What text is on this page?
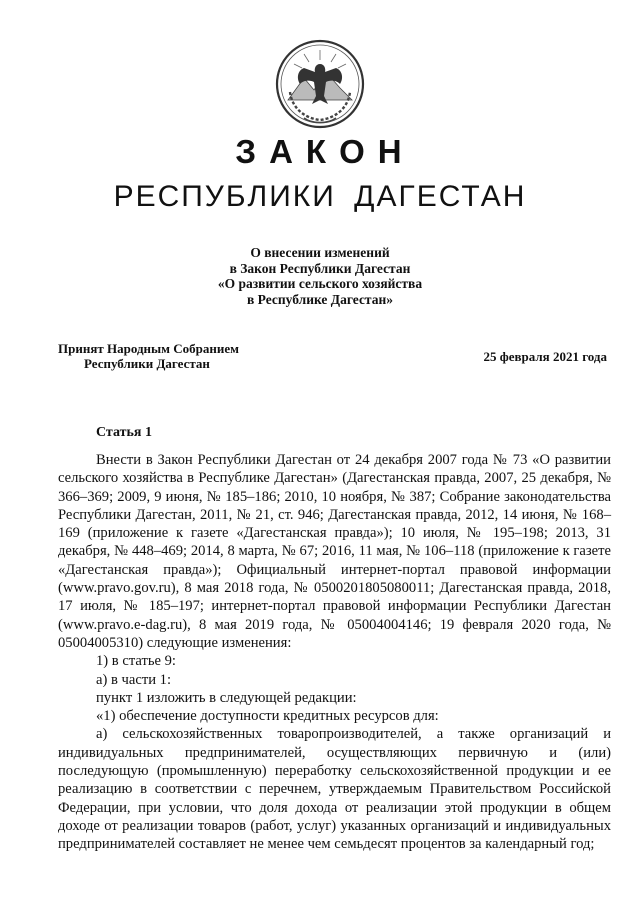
ЗАКОН
РЕСПУБЛИКИ ДАГЕСТАН
О внесении изменений
в Закон Республики Дагестан
«О развитии сельского хозяйства
в Республике Дагестан»
Принят Народным Собранием
Республики Дагестан	25 февраля 2021 года
Статья 1

Внести в Закон Республики Дагестан от 24 декабря 2007 года № 73 «О развитии сельского хозяйства в Республике Дагестан» (Дагестанская правда, 2007, 25 декабря, № 366–369; 2009, 9 июня, № 185–186; 2010, 10 ноября, № 387; Собрание законодательства Республики Дагестан, 2011, № 21, ст. 946; Дагестанская правда, 2012, 14 июня, № 168–169 (приложение к газете «Дагестанская правда»); 10 июля, № 195–198; 2013, 31 декабря, № 448–469; 2014, 8 марта, № 67; 2016, 11 мая, № 106–118 (приложение к газете «Дагестанская правда»); Официальный интернет-портал правовой информации (www.pravo.gov.ru), 8 мая 2018 года, № 0500201805080011; Дагестанская правда, 2018, 17 июля, № 185–197; интернет-портал правовой информации Республики Дагестан (www.pravo.e-dag.ru), 8 мая 2019 года, № 05004004146; 19 февраля 2020 года, № 05004005310) следующие изменения:

1) в статье 9:

а) в части 1:

пункт 1 изложить в следующей редакции:

«1) обеспечение доступности кредитных ресурсов для:

а) сельскохозяйственных товаропроизводителей, а также организаций и индивидуальных предпринимателей, осуществляющих первичную и (или) последующую (промышленную) переработку сельскохозяйственной продукции и ее реализацию в соответствии с перечнем, утверждаемым Правительством Российской Федерации, при условии, что доля дохода от реализации этой продукции в общем доходе от реализации товаров (работ, услуг) указанных организаций и индивидуальных предпринимателей составляет не менее чем семьдесят процентов за календарный год;
